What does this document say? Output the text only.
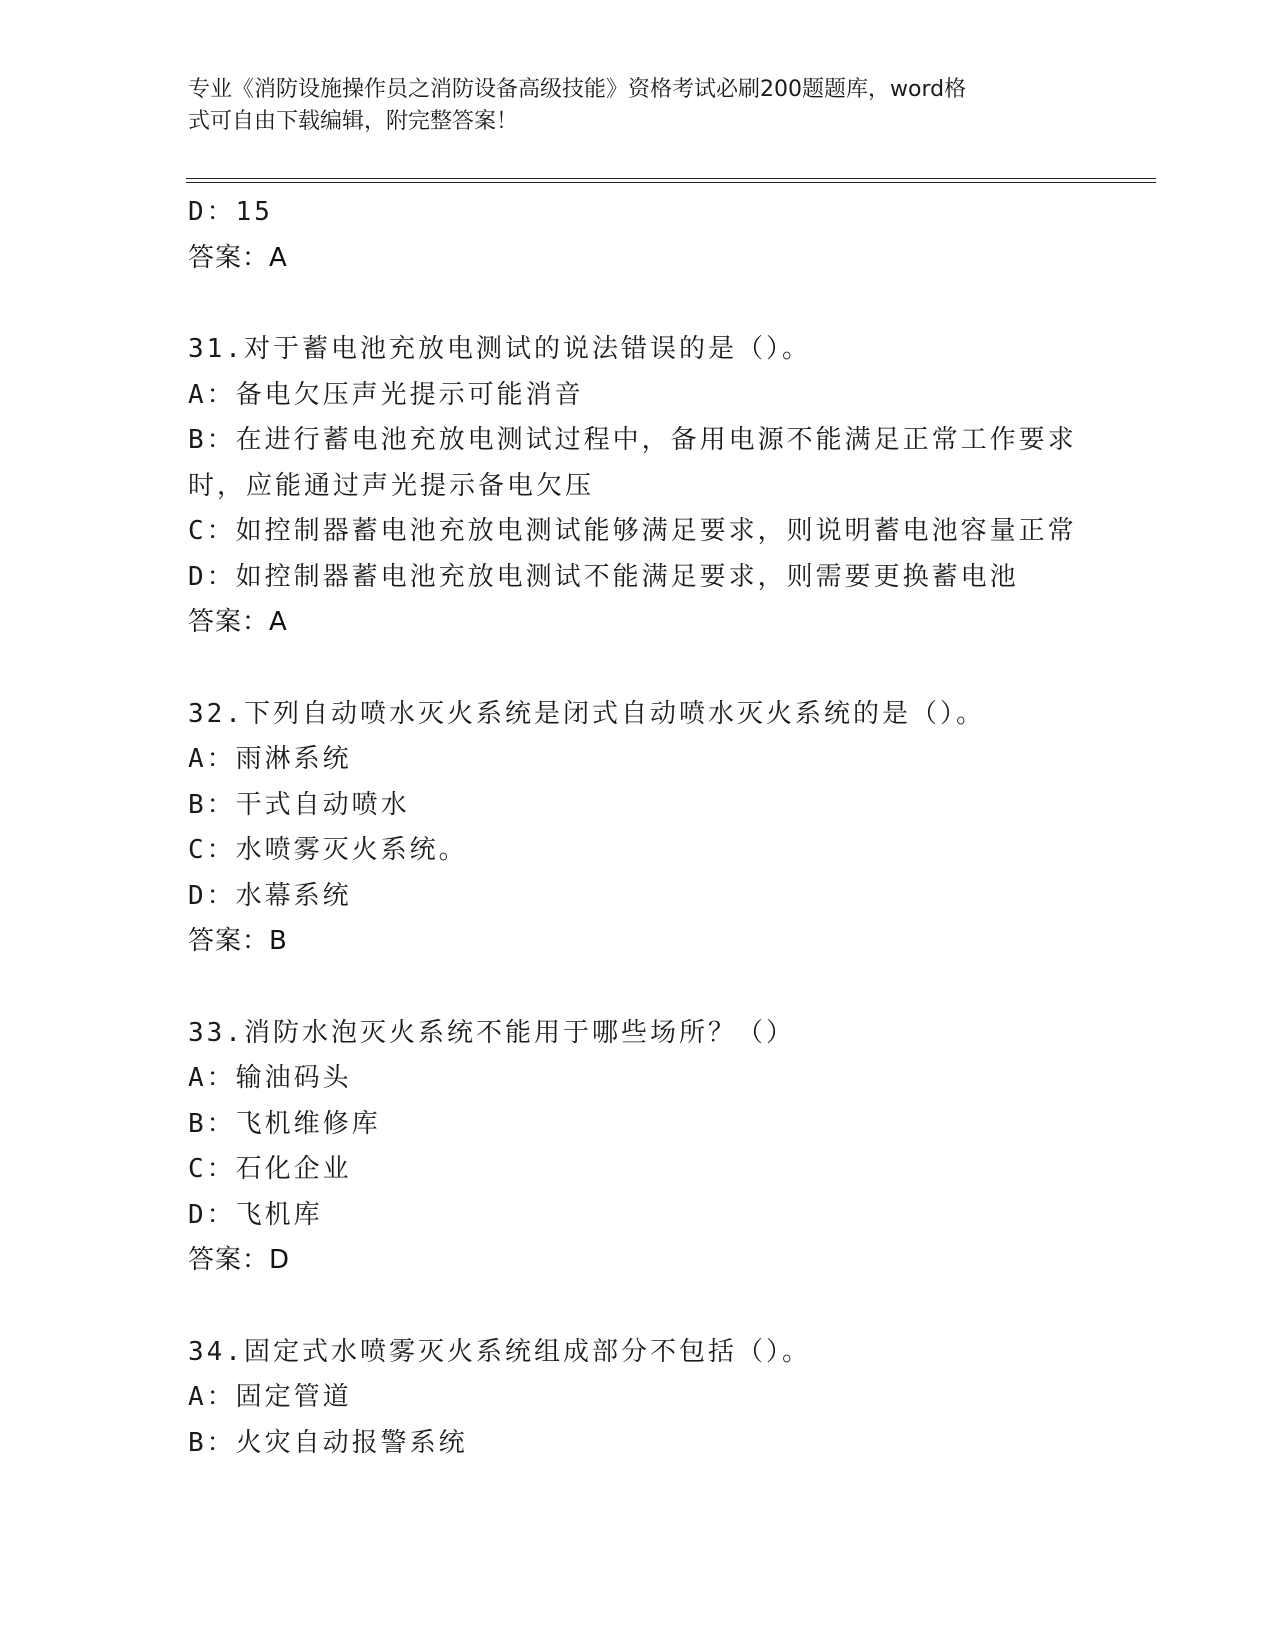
专业《消防设施操作员之消防设备高级技能》资格考试必刷200题题库，word格
式可自由下载编辑，附完整答案！
D：15
答案：A
31.对于蓄电池充放电测试的说法错误的是（）。
A：备电欠压声光提示可能消音
B：在进行蓄电池充放电测试过程中，备用电源不能满足正常工作要求
时，应能通过声光提示备电欠压
C：如控制器蓄电池充放电测试能够满足要求，则说明蓄电池容量正常
D：如控制器蓄电池充放电测试不能满足要求，则需要更换蓄电池
答案：A
32.下列自动喷水灭火系统是闭式自动喷水灭火系统的是（）。
A：雨淋系统
B：干式自动喷水
C：水喷雾灭火系统。
D：水幕系统
答案：B
33.消防水泡灭火系统不能用于哪些场所？（）
A：输油码头
B：飞机维修库
C：石化企业
D：飞机库
答案：D
34.固定式水喷雾灭火系统组成部分不包括（）。
A：固定管道
B：火灾自动报警系统
